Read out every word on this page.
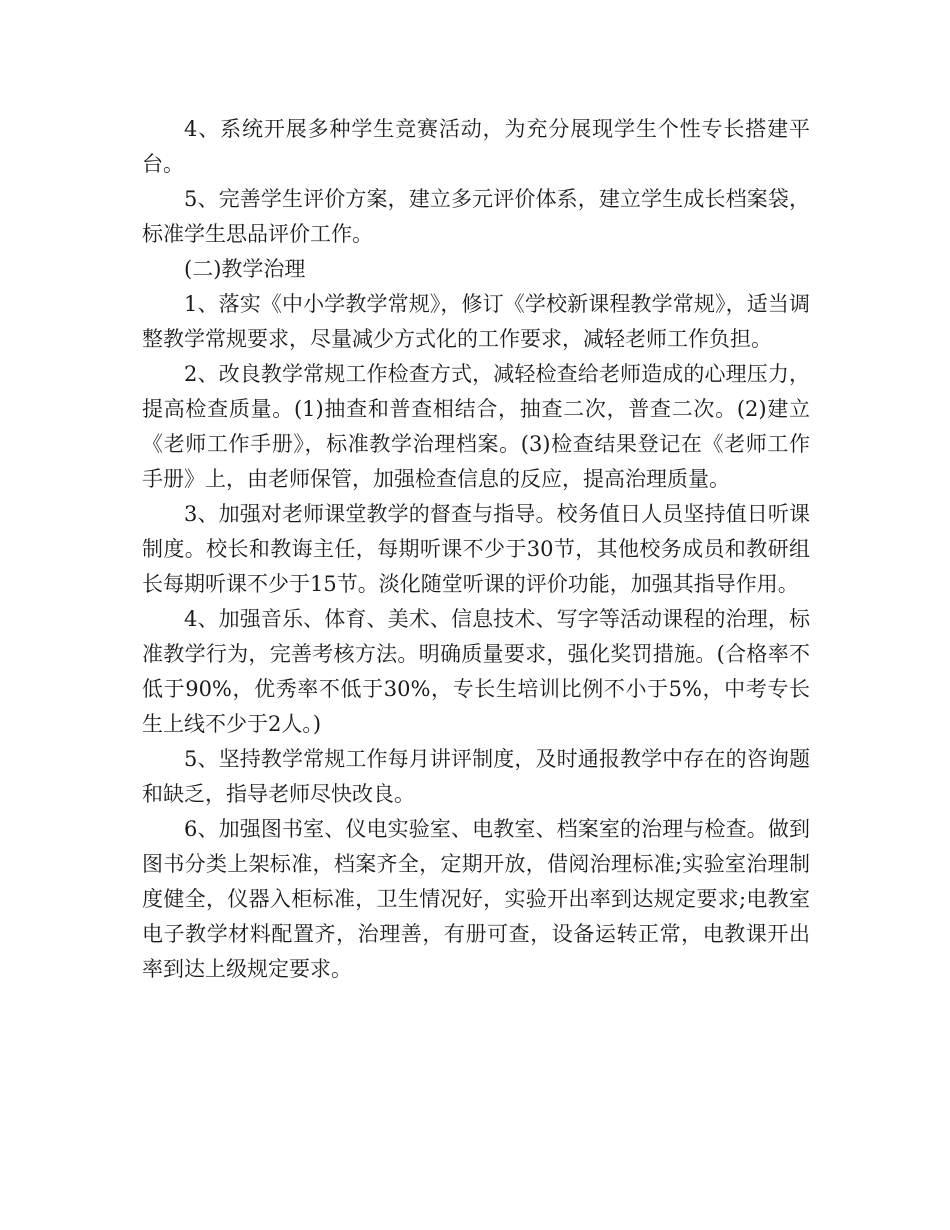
4、系统开展多种学生竞赛活动，为充分展现学生个性专长搭建平台。

5、完善学生评价方案，建立多元评价体系，建立学生成长档案袋，标准学生思品评价工作。

(二)教学治理

1、落实《中小学教学常规》，修订《学校新课程教学常规》，适当调整教学常规要求，尽量减少方式化的工作要求，减轻老师工作负担。

2、改良教学常规工作检查方式，减轻检查给老师造成的心理压力，提高检查质量。(1)抽查和普查相结合，抽查二次，普查二次。(2)建立《老师工作手册》，标准教学治理档案。(3)检查结果登记在《老师工作手册》上，由老师保管，加强检查信息的反应，提高治理质量。

3、加强对老师课堂教学的督查与指导。校务值日人员坚持值日听课制度。校长和教诲主任，每期听课不少于30节，其他校务成员和教研组长每期听课不少于15节。淡化随堂听课的评价功能，加强其指导作用。

4、加强音乐、体育、美术、信息技术、写字等活动课程的治理，标准教学行为，完善考核方法。明确质量要求，强化奖罚措施。(合格率不低于90%，优秀率不低于30%，专长生培训比例不小于5%，中考专长生上线不少于2人。)

5、坚持教学常规工作每月讲评制度，及时通报教学中存在的咨询题和缺乏，指导老师尽快改良。

6、加强图书室、仪电实验室、电教室、档案室的治理与检查。做到图书分类上架标准，档案齐全，定期开放，借阅治理标准;实验室治理制度健全，仪器入柜标准，卫生情况好，实验开出率到达规定要求;电教室电子教学材料配置齐，治理善，有册可查，设备运转正常，电教课开出率到达上级规定要求。
